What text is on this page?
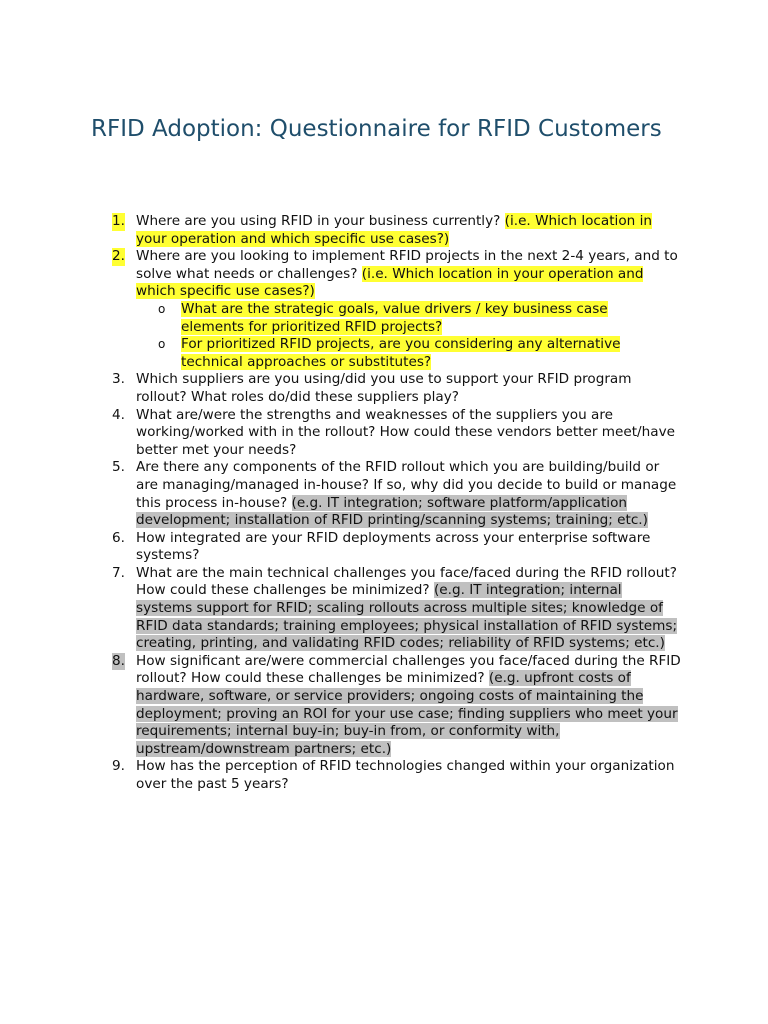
RFID Adoption: Questionnaire for RFID Customers
1. Where are you using RFID in your business currently? (i.e. Which location in your operation and which specific use cases?)
2. Where are you looking to implement RFID projects in the next 2-4 years, and to solve what needs or challenges? (i.e. Which location in your operation and which specific use cases?)
o What are the strategic goals, value drivers / key business case elements for prioritized RFID projects?
o For prioritized RFID projects, are you considering any alternative technical approaches or substitutes?
3. Which suppliers are you using/did you use to support your RFID program rollout? What roles do/did these suppliers play?
4. What are/were the strengths and weaknesses of the suppliers you are working/worked with in the rollout? How could these vendors better meet/have better met your needs?
5. Are there any components of the RFID rollout which you are building/build or are managing/managed in-house? If so, why did you decide to build or manage this process in-house? (e.g. IT integration; software platform/application development; installation of RFID printing/scanning systems; training; etc.)
6. How integrated are your RFID deployments across your enterprise software systems?
7. What are the main technical challenges you face/faced during the RFID rollout? How could these challenges be minimized? (e.g. IT integration; internal systems support for RFID; scaling rollouts across multiple sites; knowledge of RFID data standards; training employees; physical installation of RFID systems; creating, printing, and validating RFID codes; reliability of RFID systems; etc.)
8. How significant are/were commercial challenges you face/faced during the RFID rollout? How could these challenges be minimized? (e.g. upfront costs of hardware, software, or service providers; ongoing costs of maintaining the deployment; proving an ROI for your use case; finding suppliers who meet your requirements; internal buy-in; buy-in from, or conformity with, upstream/downstream partners; etc.)
9. How has the perception of RFID technologies changed within your organization over the past 5 years?
